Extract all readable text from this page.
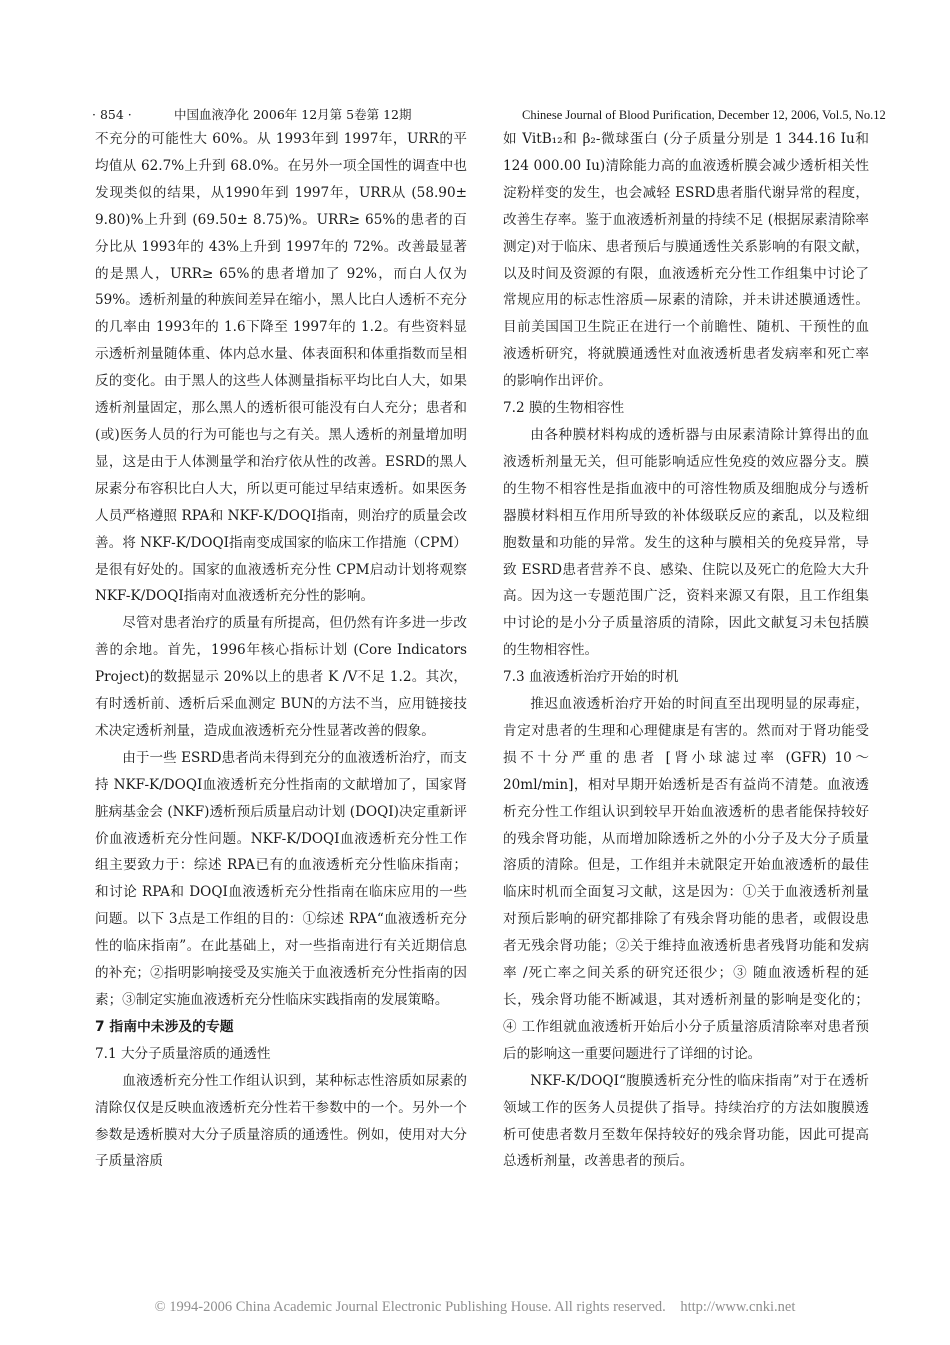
· 854 ·	中国血液净化 2006年 12月第 5卷第 12期	Chinese Journal of Blood Purification, December 12, 2006, Vol.5, No.12

不充分的可能性大 60%。从 1993年到 1997年，URR的平均值从 62.7%上升到 68.0%。在另外一项全国性的调查中也发现类似的结果，从1990年到 1997年，URR从 (58.90± 9.80)%上升到 (69.50± 8.75)%。URR≥ 65%的患者的百分比从 1993年的 43%上升到 1997年的 72%。改善最显著的是黑人，URR≥ 65%的患者增加了 92%，而白人仅为 59%。透析剂量的种族间差异在缩小，黑人比白人透析不充分的几率由 1993年的 1.6下降至 1997年的 1.2。有些资料显示透析剂量随体重、体内总水量、体表面积和体重指数而呈相反的变化。由于黑人的这些人体测量指标平均比白人大，如果透析剂量固定，那么黑人的透析很可能没有白人充分；患者和 (或)医务人员的行为可能也与之有关。黑人透析的剂量增加明显，这是由于人体测量学和治疗依从性的改善。ESRD的黑人尿素分布容积比白人大，所以更可能过早结束透析。如果医务人员严格遵照 RPA和 NKF-K/DOQI指南，则治疗的质量会改善。将 NKF-K/DOQI指南变成国家的临床工作措施（CPM）是很有好处的。国家的血液透析充分性 CPM启动计划将观察 NKF-K/DOQI指南对血液透析充分性的影响。

尽管对患者治疗的质量有所提高，但仍然有许多进一步改善的余地。首先，1996年核心指标计划 (Core Indicators Project)的数据显示 20%以上的患者 K /V不足 1.2。其次，有时透析前、透析后采血测定 BUN的方法不当，应用链接技术决定透析剂量，造成血液透析充分性显著改善的假象。

由于一些 ESRD患者尚未得到充分的血液透析治疗，而支持 NKF-K/DOQI血液透析充分性指南的文献增加了，国家肾脏病基金会 (NKF)透析预后质量启动计划 (DOQI)决定重新评价血液透析充分性问题。NKF-K/DOQI血液透析充分性工作组主要致力于：综述 RPA已有的血液透析充分性临床指南；和讨论 RPA和 DOQI血液透析充分性指南在临床应用的一些问题。以下 3点是工作组的目的：①综述 RPA“血液透析充分性的临床指南”。在此基础上，对一些指南进行有关近期信息的补充；②指明影响接受及实施关于血液透析充分性指南的因素；③制定实施血液透析充分性临床实践指南的发展策略。

7 指南中未涉及的专题

7.1 大分子质量溶质的通透性

血液透析充分性工作组认识到，某种标志性溶质如尿素的清除仅仅是反映血液透析充分性若干参数中的一个。另外一个参数是透析膜对大分子质量溶质的通透性。例如，使用对大分子质量溶质

如 VitB₁₂和 β₂-微球蛋白 (分子质量分别是 1 344.16 Iu和 124 000.00 Iu)清除能力高的血液透析膜会减少透析相关性淀粉样变的发生，也会减轻 ESRD患者脂代谢异常的程度，改善生存率。鉴于血液透析剂量的持续不足 (根据尿素清除率测定)对于临床、患者预后与膜通透性关系影响的有限文献，以及时间及资源的有限，血液透析充分性工作组集中讨论了常规应用的标志性溶质—尿素的清除，并未讲述膜通透性。目前美国国卫生院正在进行一个前瞻性、随机、干预性的血液透析研究，将就膜通透性对血液透析患者发病率和死亡率的影响作出评价。

7.2 膜的生物相容性

由各种膜材料构成的透析器与由尿素清除计算得出的血液透析剂量无关，但可能影响适应性免疫的效应器分支。膜的生物不相容性是指血液中的可溶性物质及细胞成分与透析器膜材料相互作用所导致的补体级联反应的紊乱，以及粒细胞数量和功能的异常。发生的这种与膜相关的免疫异常，导致 ESRD患者营养不良、感染、住院以及死亡的危险大大升高。因为这一专题范围广泛，资料来源又有限，且工作组集中讨论的是小分子质量溶质的清除，因此文献复习未包括膜的生物相容性。

7.3 血液透析治疗开始的时机

推迟血液透析治疗开始的时间直至出现明显的尿毒症，肯定对患者的生理和心理健康是有害的。然而对于肾功能受损不十分严重的患者 [肾小球滤过率 (GFR) 10～ 20ml/min]，相对早期开始透析是否有益尚不清楚。血液透析充分性工作组认识到较早开始血液透析的患者能保持较好的残余肾功能，从而增加除透析之外的小分子及大分子质量溶质的清除。但是，工作组并未就限定开始血液透析的最佳临床时机而全面复习文献，这是因为：①关于血液透析剂量对预后影响的研究都排除了有残余肾功能的患者，或假设患者无残余肾功能；②关于维持血液透析患者残肾功能和发病率 /死亡率之间关系的研究还很少；③ 随血液透析程的延长，残余肾功能不断减退，其对透析剂量的影响是变化的；④ 工作组就血液透析开始后小分子质量溶质清除率对患者预后的影响这一重要问题进行了详细的讨论。

NKF-K/DOQI“腹膜透析充分性的临床指南”对于在透析领域工作的医务人员提供了指导。持续治疗的方法如腹膜透析可使患者数月至数年保持较好的残余肾功能，因此可提高总透析剂量，改善患者的预后。

© 1994-2006 China Academic Journal Electronic Publishing House. All rights reserved. http://www.cnki.net
